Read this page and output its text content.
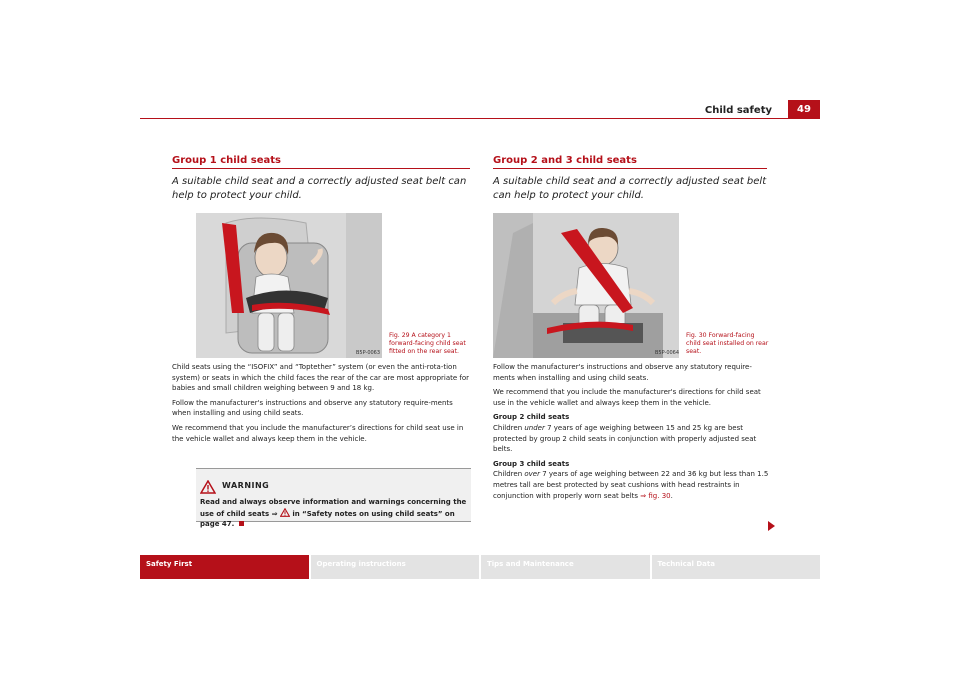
Child safety	49
Group 1 child seats
A suitable child seat and a correctly adjusted seat belt can help to protect your child.
B5P-0063
Fig. 29 A category 1 forward-facing child seat fitted on the rear seat.

Child seats using the “ISOFIX” and “Toptether” system (or even the anti-rota-tion system) or seats in which the child faces the rear of the car are most appropriate for babies and small children weighing between 9 and 18 kg.

Follow the manufacturer's instructions and observe any statutory require-ments when installing and using child seats.

We recommend that you include the manufacturer’s directions for child seat use in the vehicle wallet and always keep them in the vehicle.

WARNING
Read and always observe information and warnings concerning the use of child seats ⇒ in “Safety notes on using child seats” on page 47.
Group 2 and 3 child seats
A suitable child seat and a correctly adjusted seat belt can help to protect your child.
B5P-0064
Fig. 30 Forward-facing child seat installed on rear seat.

Follow the manufacturer's instructions and observe any statutory require-ments when installing and using child seats.

We recommend that you include the manufacturer's directions for child seat use in the vehicle wallet and always keep them in the vehicle.

Group 2 child seats

Children under 7 years of age weighing between 15 and 25 kg are best protected by group 2 child seats in conjunction with properly adjusted seat belts.

Group 3 child seats

Children over 7 years of age weighing between 22 and 36 kg but less than 1.5 metres tall are best protected by seat cushions with head restraints in conjunction with properly worn seat belts ⇒ fig. 30.

Safety First	Operating instructions	Tips and Maintenance	Technical Data
